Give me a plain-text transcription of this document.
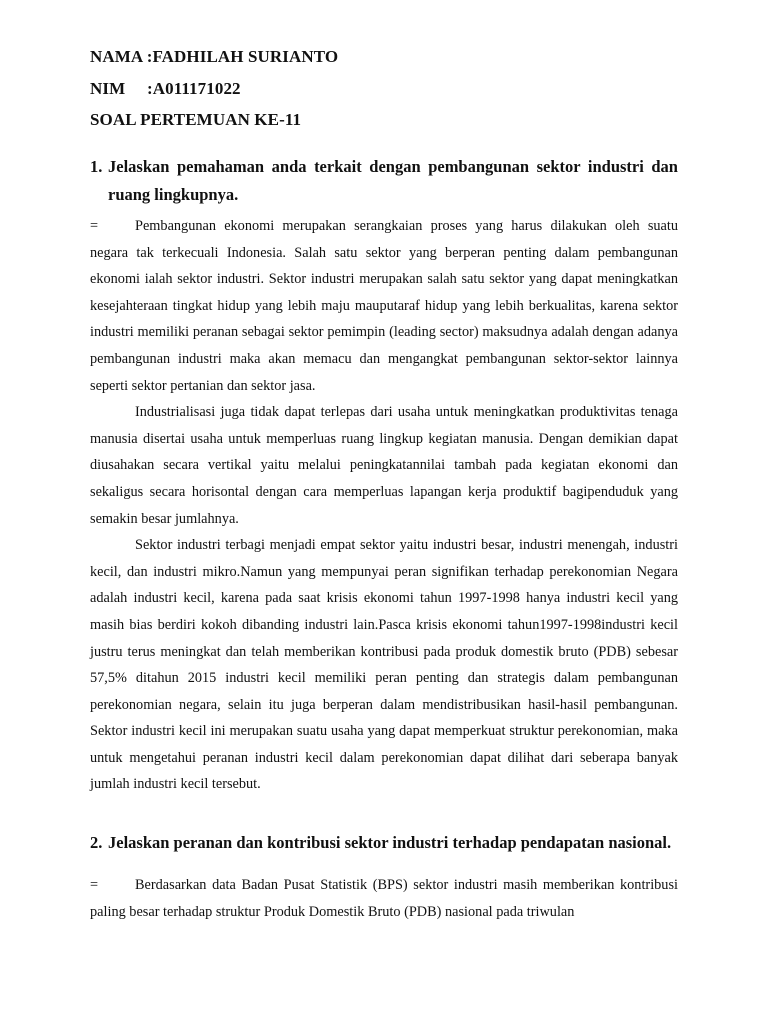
NAMA :FADHILAH SURIANTO
NIM     :A011171022
SOAL PERTEMUAN KE-11
1. Jelaskan pemahaman anda terkait dengan pembangunan sektor industri dan ruang lingkupnya.

=	Pembangunan ekonomi merupakan serangkaian proses yang harus dilakukan oleh suatu negara tak terkecuali Indonesia. Salah satu sektor yang berperan penting dalam pembangunan ekonomi ialah sektor industri. Sektor industri merupakan salah satu sektor yang dapat meningkatkan kesejahteraan tingkat hidup yang lebih maju mauputaraf hidup yang lebih berkualitas, karena sektor industri memiliki peranan sebagai sektor pemimpin (leading sector) maksudnya adalah dengan adanya pembangunan industri maka akan memacu dan mengangkat pembangunan sektor-sektor lainnya seperti sektor pertanian dan sektor jasa.

Industrialisasi juga tidak dapat terlepas dari usaha untuk meningkatkan produktivitas tenaga manusia disertai usaha untuk memperluas ruang lingkup kegiatan manusia. Dengan demikian dapat diusahakan secara vertikal yaitu melalui peningkatannilai tambah pada kegiatan ekonomi dan sekaligus secara horisontal dengan cara memperluas lapangan kerja produktif bagipenduduk yang semakin besar jumlahnya.

Sektor industri terbagi menjadi empat sektor yaitu industri besar, industri menengah, industri kecil, dan industri mikro.Namun yang mempunyai peran signifikan terhadap perekonomian Negara adalah industri kecil, karena pada saat krisis ekonomi tahun 1997-1998 hanya industri kecil yang masih bias berdiri kokoh dibanding industri lain.Pasca krisis ekonomi tahun1997-1998industri kecil justru terus meningkat dan telah memberikan kontribusi pada produk domestik bruto (PDB) sebesar 57,5% ditahun 2015 industri kecil memiliki peran penting dan strategis dalam pembangunan perekonomian negara, selain itu juga berperan dalam mendistribusikan hasil-hasil pembangunan. Sektor industri kecil ini merupakan suatu usaha yang dapat memperkuat struktur perekonomian, maka untuk mengetahui peranan industri kecil dalam perekonomian dapat dilihat dari seberapa banyak jumlah industri kecil tersebut.

2. Jelaskan peranan dan kontribusi sektor industri terhadap pendapatan nasional.

=	Berdasarkan data Badan Pusat Statistik (BPS) sektor industri masih memberikan kontribusi paling besar terhadap struktur Produk Domestik Bruto (PDB) nasional pada triwulan
